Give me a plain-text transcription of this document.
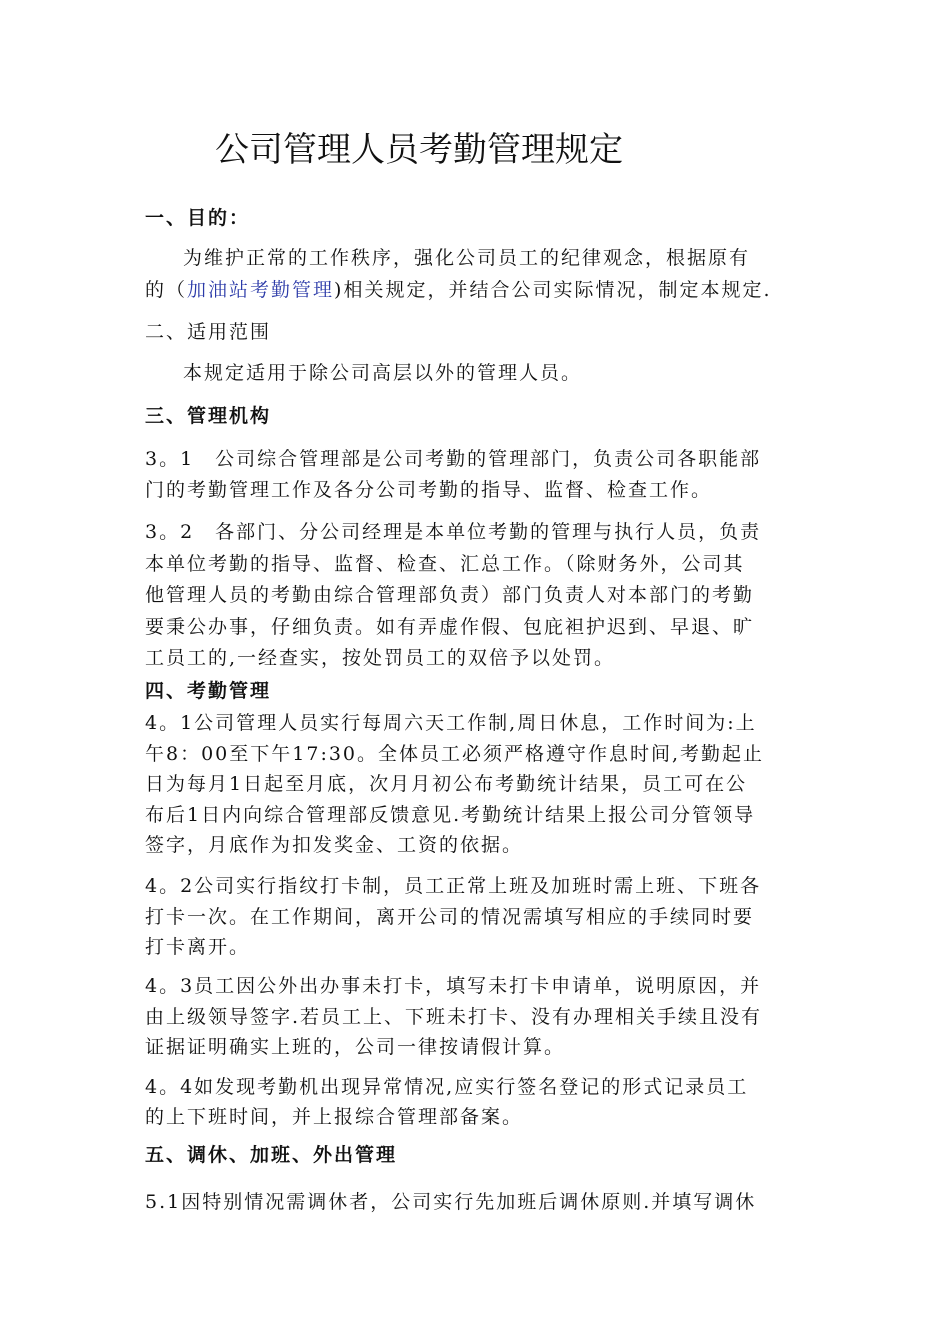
公司管理人员考勤管理规定
一、目的：
为维护正常的工作秩序，强化公司员工的纪律观念，根据原有
的（加油站考勤管理)相关规定，并结合公司实际情况，制定本规定.
二、适用范围
本规定适用于除公司高层以外的管理人员。
三、管理机构
3。1　公司综合管理部是公司考勤的管理部门，负责公司各职能部
门的考勤管理工作及各分公司考勤的指导、监督、检查工作。
3。2　各部门、分公司经理是本单位考勤的管理与执行人员，负责
本单位考勤的指导、监督、检查、汇总工作。（除财务外，公司其
他管理人员的考勤由综合管理部负责）部门负责人对本部门的考勤
要秉公办事，仔细负责。如有弄虚作假、包庇袒护迟到、早退、旷
工员工的,一经查实，按处罚员工的双倍予以处罚。
四、考勤管理
4。1公司管理人员实行每周六天工作制,周日休息，工作时间为:上
午8：00至下午17:30。全体员工必须严格遵守作息时间,考勤起止
日为每月1日起至月底，次月月初公布考勤统计结果，员工可在公
布后1日内向综合管理部反馈意见.考勤统计结果上报公司分管领导
签字，月底作为扣发奖金、工资的依据。
4。2公司实行指纹打卡制，员工正常上班及加班时需上班、下班各
打卡一次。在工作期间，离开公司的情况需填写相应的手续同时要
打卡离开。
4。3员工因公外出办事未打卡，填写未打卡申请单，说明原因，并
由上级领导签字.若员工上、下班未打卡、没有办理相关手续且没有
证据证明确实上班的，公司一律按请假计算。
4。4如发现考勤机出现异常情况,应实行签名登记的形式记录员工
的上下班时间，并上报综合管理部备案。
五、调休、加班、外出管理
5.1因特别情况需调休者，公司实行先加班后调休原则.并填写调休
